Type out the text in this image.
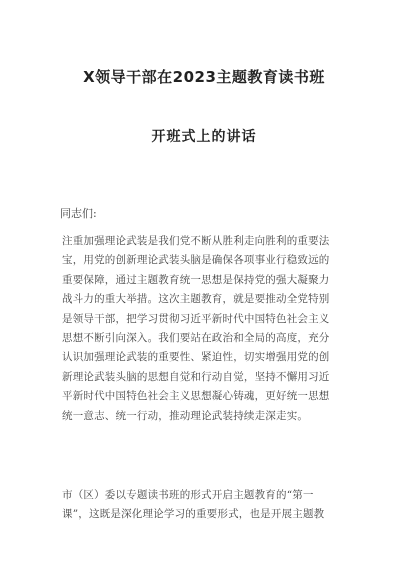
X领导干部在2023主题教育读书班
开班式上的讲话
同志们:
注重加强理论武装是我们党不断从胜利走向胜利的重要法
宝，用党的创新理论武装头脑是确保各项事业行稳致远的
重要保障，通过主题教育统一思想是保持党的强大凝聚力
战斗力的重大举措。这次主题教育，就是要推动全党特别
是领导干部，把学习贯彻习近平新时代中国特色社会主义
思想不断引向深入。我们要站在政治和全局的高度，充分
认识加强理论武装的重要性、紧迫性，切实增强用党的创
新理论武装头脑的思想自觉和行动自觉，坚持不懈用习近
平新时代中国特色社会主义思想凝心铸魂，更好统一思想
统一意志、统一行动，推动理论武装持续走深走实。
市（区）委以专题读书班的形式开启主题教育的“第一
课”，这既是深化理论学习的重要形式，也是开展主题教
